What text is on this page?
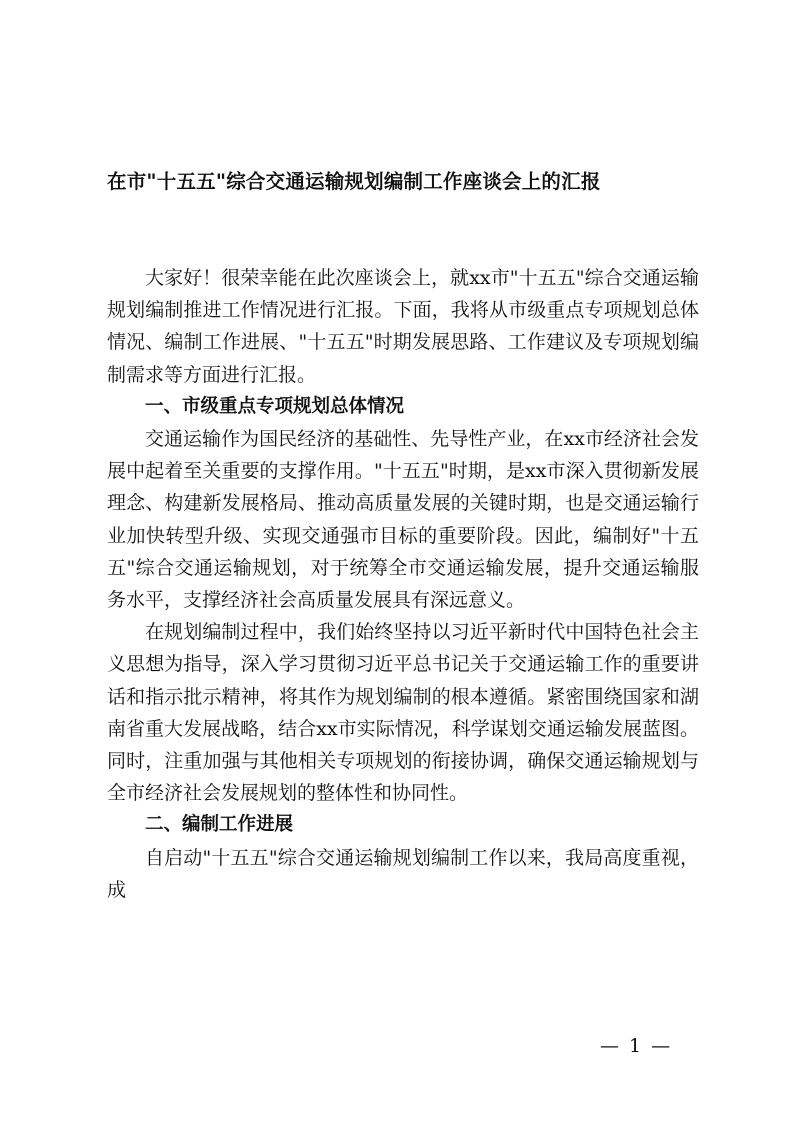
在市"十五五"综合交通运输规划编制工作座谈会上的汇报

大家好！很荣幸能在此次座谈会上，就xx市"十五五"综合交通运输规划编制推进工作情况进行汇报。下面，我将从市级重点专项规划总体情况、编制工作进展、"十五五"时期发展思路、工作建议及专项规划编制需求等方面进行汇报。

一、市级重点专项规划总体情况

交通运输作为国民经济的基础性、先导性产业，在xx市经济社会发展中起着至关重要的支撑作用。"十五五"时期，是xx市深入贯彻新发展理念、构建新发展格局、推动高质量发展的关键时期，也是交通运输行业加快转型升级、实现交通强市目标的重要阶段。因此，编制好"十五五"综合交通运输规划，对于统筹全市交通运输发展，提升交通运输服务水平，支撑经济社会高质量发展具有深远意义。

在规划编制过程中，我们始终坚持以习近平新时代中国特色社会主义思想为指导，深入学习贯彻习近平总书记关于交通运输工作的重要讲话和指示批示精神，将其作为规划编制的根本遵循。紧密围绕国家和湖南省重大发展战略，结合xx市实际情况，科学谋划交通运输发展蓝图。同时，注重加强与其他相关专项规划的衔接协调，确保交通运输规划与全市经济社会发展规划的整体性和协同性。

二、编制工作进展

自启动"十五五"综合交通运输规划编制工作以来，我局高度重视，成

— 1 —
